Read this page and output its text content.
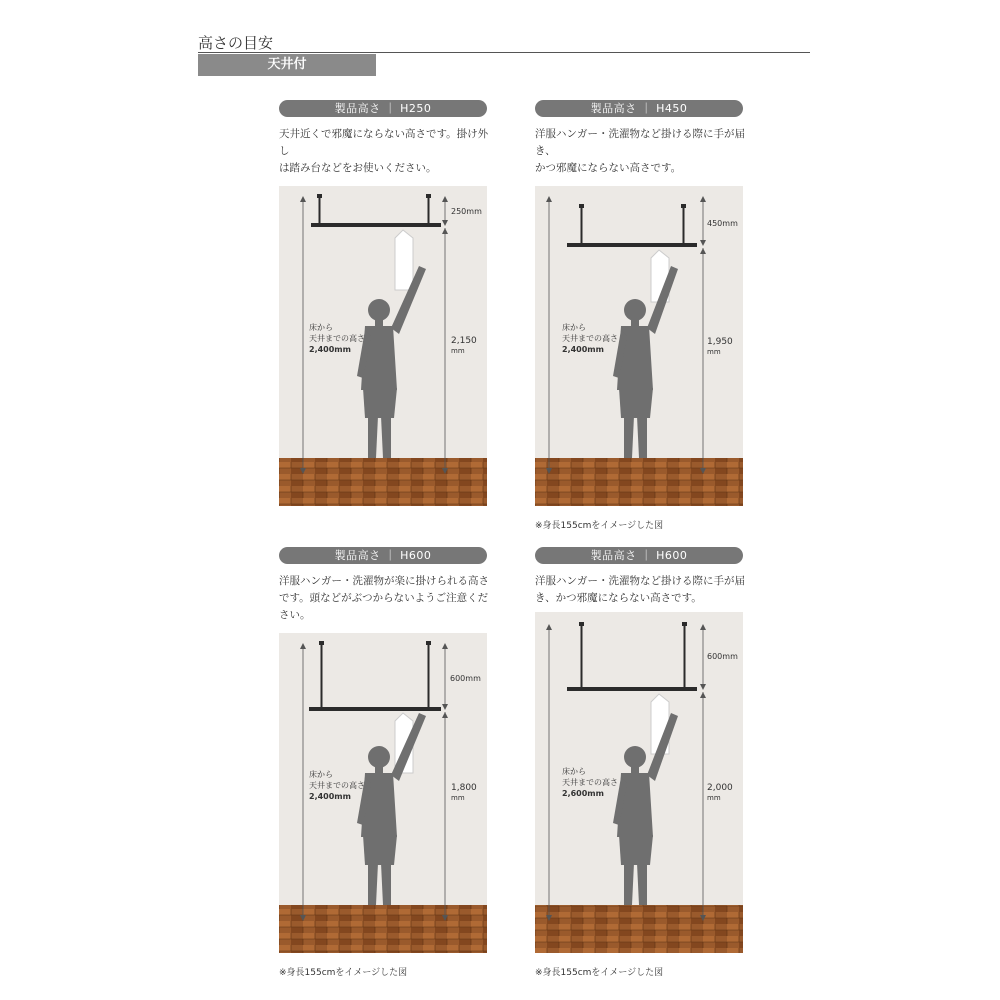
高さの目安
天井付
製品高さ ｜ H250
天井近くで邪魔にならない高さです。掛け外し
は踏み台などをお使いください。
250mm
床から
天井までの高さ
2,400mm
2,150
mm
製品高さ ｜ H450
洋服ハンガー・洗濯物など掛ける際に手が届き、
かつ邪魔にならない高さです。
450mm
床から
天井までの高さ
2,400mm
1,950
mm
※身長155cmをイメージした図
製品高さ ｜ H600
洋服ハンガー・洗濯物が楽に掛けられる高さ
です。頭などがぶつからないようご注意くだ
さい。
600mm
床から
天井までの高さ
2,400mm
1,800
mm
※身長155cmをイメージした図
製品高さ ｜ H600
洋服ハンガー・洗濯物など掛ける際に手が届
き、かつ邪魔にならない高さです。
600mm
床から
天井までの高さ
2,600mm
2,000
mm
※身長155cmをイメージした図
